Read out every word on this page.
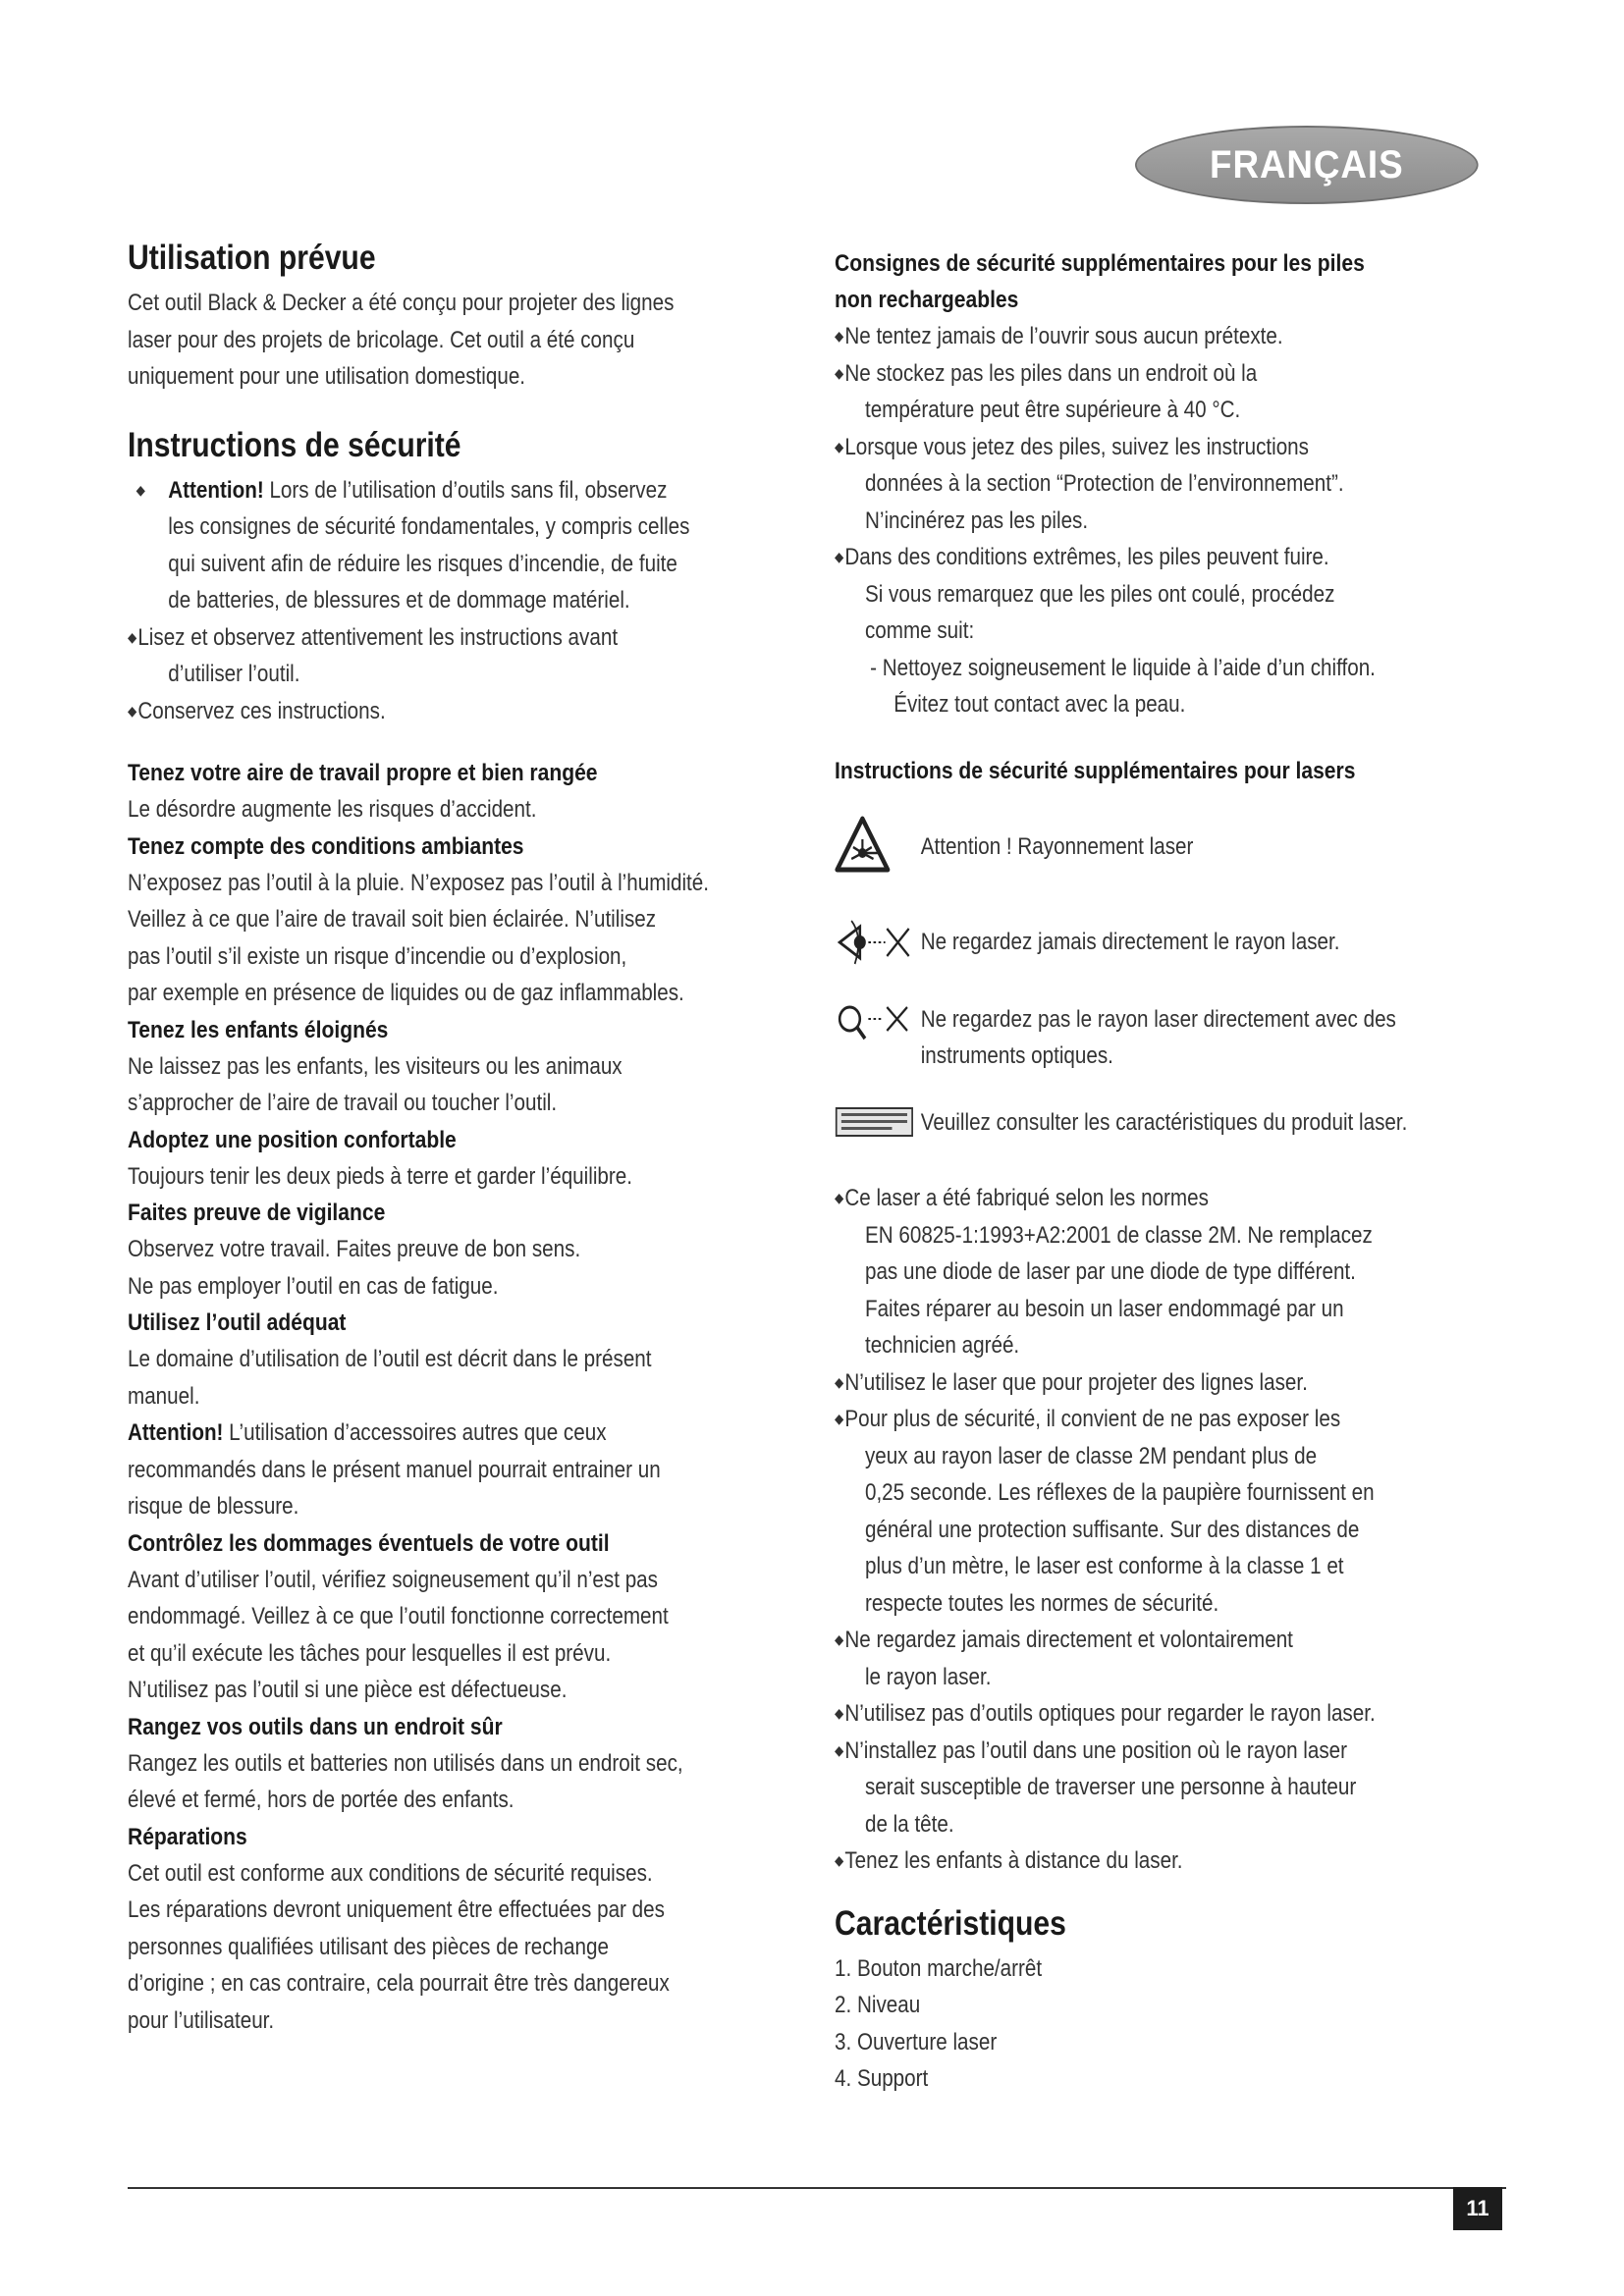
FRANÇAIS
Utilisation prévue

Cet outil Black & Decker a été conçu pour projeter des lignes

laser pour des projets de bricolage. Cet outil a été conçu

uniquement pour une utilisation domestique.

Instructions de sécurité
◆ Attention! Lors de l’utilisation d’outils sans fil, observez
les consignes de sécurité fondamentales, y compris celles
qui suivent afin de réduire les risques d’incendie, de fuite
de batteries, de blessures et de dommage matériel.
◆ Lisez et observez attentivement les instructions avant
d’utiliser l’outil.
◆ Conservez ces instructions.

Tenez votre aire de travail propre et bien rangée

Le désordre augmente les risques d’accident.

Tenez compte des conditions ambiantes

N’exposez pas l’outil à la pluie. N’exposez pas l’outil à l’humidité.

Veillez à ce que l’aire de travail soit bien éclairée. N’utilisez

pas l’outil s’il existe un risque d’incendie ou d’explosion,

par exemple en présence de liquides ou de gaz inflammables.

Tenez les enfants éloignés

Ne laissez pas les enfants, les visiteurs ou les animaux

s’approcher de l’aire de travail ou toucher l’outil.

Adoptez une position confortable

Toujours tenir les deux pieds à terre et garder l’équilibre.

Faites preuve de vigilance

Observez votre travail. Faites preuve de bon sens.

Ne pas employer l’outil en cas de fatigue.

Utilisez l’outil adéquat

Le domaine d’utilisation de l’outil est décrit dans le présent

manuel.

Attention! L’utilisation d’accessoires autres que ceux

recommandés dans le présent manuel pourrait entrainer un

risque de blessure.

Contrôlez les dommages éventuels de votre outil

Avant d’utiliser l’outil, vérifiez soigneusement qu’il n’est pas

endommagé. Veillez à ce que l’outil fonctionne correctement

et qu’il exécute les tâches pour lesquelles il est prévu.

N’utilisez pas l’outil si une pièce est défectueuse.

Rangez vos outils dans un endroit sûr

Rangez les outils et batteries non utilisés dans un endroit sec,

élevé et fermé, hors de portée des enfants.

Réparations

Cet outil est conforme aux conditions de sécurité requises.

Les réparations devront uniquement être effectuées par des

personnes qualifiées utilisant des pièces de rechange

d’origine ; en cas contraire, cela pourrait être très dangereux

pour l’utilisateur.

Consignes de sécurité supplémentaires pour les piles

non rechargeables

◆ Ne tentez jamais de l’ouvrir sous aucun prétexte.
◆ Ne stockez pas les piles dans un endroit où la
température peut être supérieure à 40 °C.
◆ Lorsque vous jetez des piles, suivez les instructions
données à la section “Protection de l’environnement”.
N’incinérez pas les piles.
◆ Dans des conditions extrêmes, les piles peuvent fuire.
Si vous remarquez que les piles ont coulé, procédez
comme suit:
- Nettoyez soigneusement le liquide à l’aide d’un chiffon.
Évitez tout contact avec la peau.

Instructions de sécurité supplémentaires pour lasers

Attention ! Rayonnement laser
Ne regardez jamais directement le rayon laser.
Ne regardez pas le rayon laser directement avec des
instruments optiques.
Veuillez consulter les caractéristiques du produit laser.
◆ Ce laser a été fabriqué selon les normes
EN 60825-1:1993+A2:2001 de classe 2M. Ne remplacez
pas une diode de laser par une diode de type différent.
Faites réparer au besoin un laser endommagé par un
technicien agréé.
◆ N’utilisez le laser que pour projeter des lignes laser.
◆ Pour plus de sécurité, il convient de ne pas exposer les
yeux au rayon laser de classe 2M pendant plus de
0,25 seconde. Les réflexes de la paupière fournissent en
général une protection suffisante. Sur des distances de
plus d’un mètre, le laser est conforme à la classe 1 et
respecte toutes les normes de sécurité.
◆ Ne regardez jamais directement et volontairement
le rayon laser.
◆ N’utilisez pas d’outils optiques pour regarder le rayon laser.
◆ N’installez pas l’outil dans une position où le rayon laser
serait susceptible de traverser une personne à hauteur
de la tête.
◆ Tenez les enfants à distance du laser.
Caractéristiques

1. Bouton marche/arrêt

2. Niveau

3. Ouverture laser

4. Support

11
